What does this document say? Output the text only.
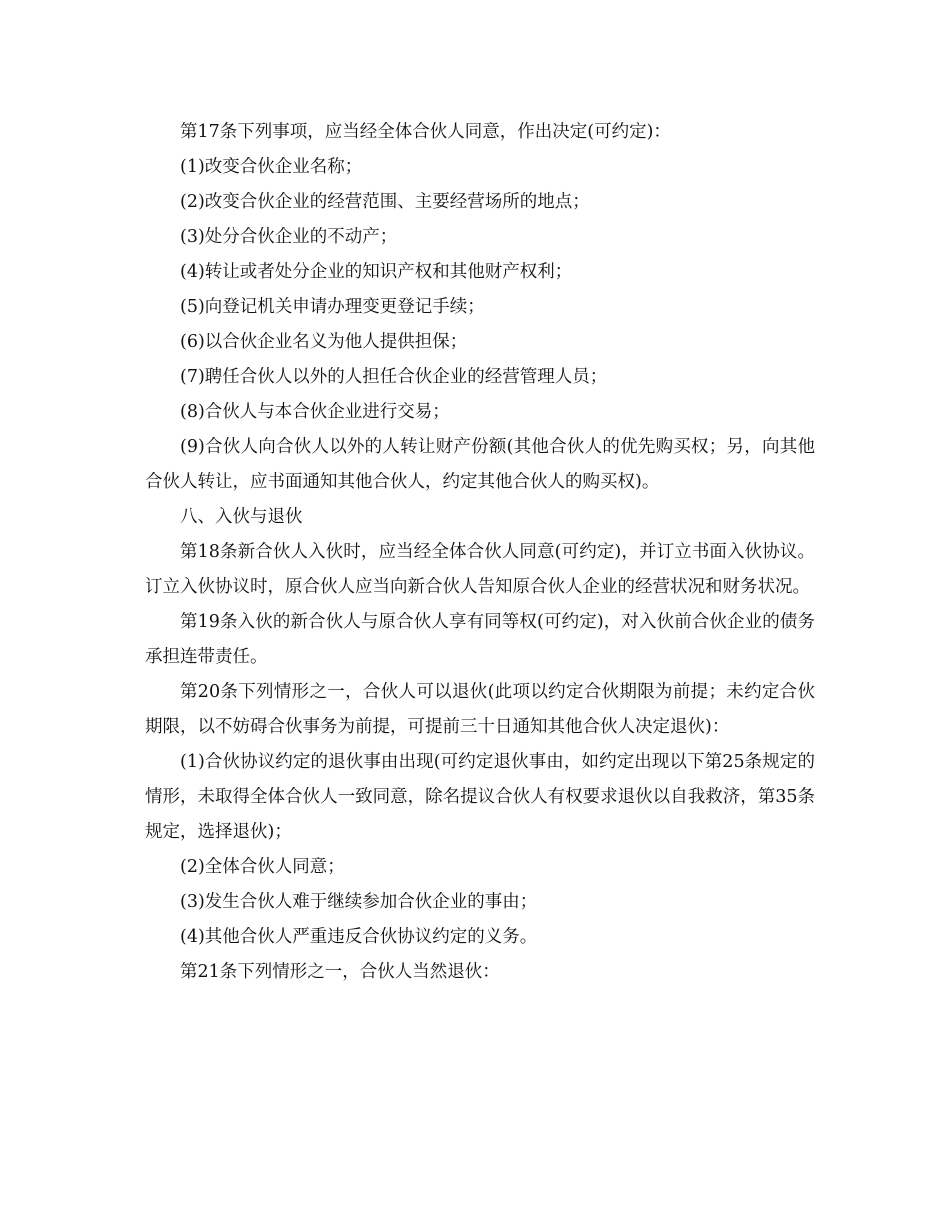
第17条下列事项，应当经全体合伙人同意，作出决定(可约定)：

(1)改变合伙企业名称；

(2)改变合伙企业的经营范围、主要经营场所的地点；

(3)处分合伙企业的不动产；

(4)转让或者处分企业的知识产权和其他财产权利；

(5)向登记机关申请办理变更登记手续；

(6)以合伙企业名义为他人提供担保；

(7)聘任合伙人以外的人担任合伙企业的经营管理人员；

(8)合伙人与本合伙企业进行交易；

(9)合伙人向合伙人以外的人转让财产份额(其他合伙人的优先购买权；另，向其他合伙人转让，应书面通知其他合伙人，约定其他合伙人的购买权)。

八、入伙与退伙

第18条新合伙人入伙时，应当经全体合伙人同意(可约定)，并订立书面入伙协议。订立入伙协议时，原合伙人应当向新合伙人告知原合伙人企业的经营状况和财务状况。

第19条入伙的新合伙人与原合伙人享有同等权(可约定)，对入伙前合伙企业的债务承担连带责任。

第20条下列情形之一，合伙人可以退伙(此项以约定合伙期限为前提；未约定合伙期限，以不妨碍合伙事务为前提，可提前三十日通知其他合伙人决定退伙)：

(1)合伙协议约定的退伙事由出现(可约定退伙事由，如约定出现以下第25条规定的情形，未取得全体合伙人一致同意，除名提议合伙人有权要求退伙以自我救济，第35条规定，选择退伙)；

(2)全体合伙人同意；

(3)发生合伙人难于继续参加合伙企业的事由；

(4)其他合伙人严重违反合伙协议约定的义务。

第21条下列情形之一，合伙人当然退伙：
